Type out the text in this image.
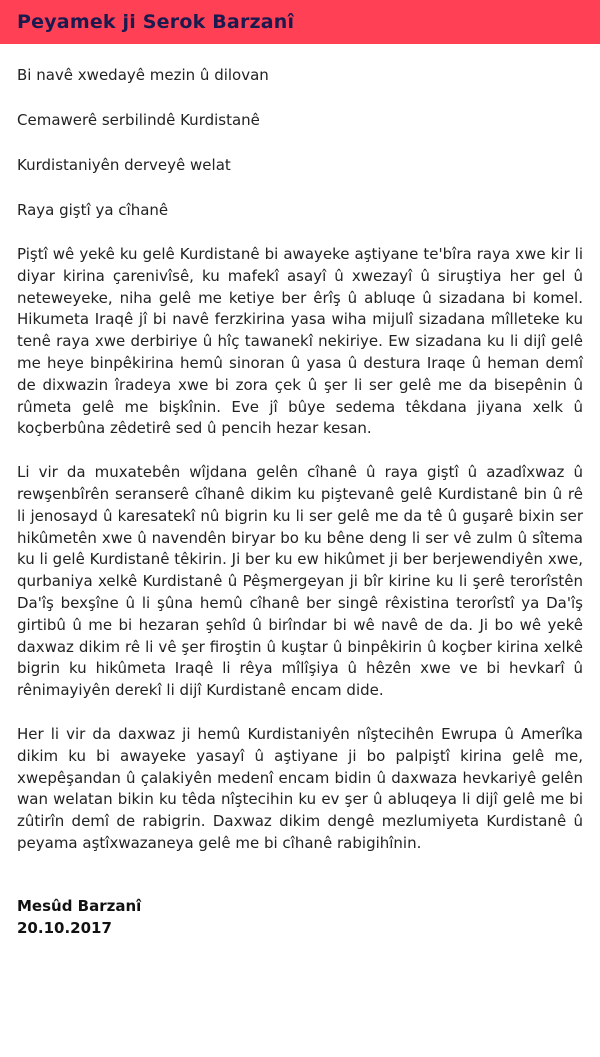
Peyamek ji Serok Barzanî

Bi navê xwedayê mezin û dilovan

Cemawerê serbilindê Kurdistanê

Kurdistaniyên derveyê welat

Raya giştî ya cîhanê

Piştî wê yekê ku gelê Kurdistanê bi awayeke aştiyane te'bîra raya xwe kir li diyar kirina çarenivîsê, ku mafekî asayî û xwezayî û siruştiya her gel û neteweyeke, niha gelê me ketiye ber êrîş û abluqe û sizadana bi komel. Hikumeta Iraqê jî bi navê ferzkirina yasa wiha mijulî sizadana mîlleteke ku tenê raya xwe derbiriye û hîç tawanekî nekiriye. Ew sizadana ku li dijî gelê me heye binpêkirina hemû sinoran û yasa û destura Iraqe û heman demî de dixwazin îradeya xwe bi zora çek û şer li ser gelê me da bisepênin û rûmeta gelê me bişkînin. Eve jî bûye sedema têkdana jiyana xelk û koçberbûna zêdetirê sed û pencih hezar kesan.

Li vir da muxatebên wîjdana gelên cîhanê û raya giştî û azadîxwaz û rewşenbîrên seranserê cîhanê dikim ku piştevanê gelê Kurdistanê bin û rê li jenosayd û karesatekî nû bigrin ku li ser gelê me da tê û guşarê bixin ser hikûmetên xwe û navendên biryar bo ku bêne deng li ser vê zulm û sîtema ku li gelê Kurdistanê têkirin. Ji ber ku ew hikûmet ji ber berjewendiyên xwe, qurbaniya xelkê Kurdistanê û Pêşmergeyan ji bîr kirine ku li şerê terorîstên Da'îş bexşîne û li şûna hemû cîhanê ber singê rêxistina terorîstî ya Da'îş girtibû û me bi hezaran şehîd û birîndar bi wê navê de da. Ji bo wê yekê daxwaz dikim rê li vê şer firoştin û kuştar û binpêkirin û koçber kirina xelkê bigrin ku hikûmeta Iraqê li rêya mîlîşiya û hêzên xwe ve bi hevkarî û rênimayiyên derekî li dijî Kurdistanê encam dide.

Her li vir da daxwaz ji hemû Kurdistaniyên nîştecihên Ewrupa û Amerîka dikim ku bi awayeke yasayî û aştiyane ji bo palpiştî kirina gelê me, xwepêşandan û çalakiyên medenî encam bidin û daxwaza hevkariyê gelên wan welatan bikin ku têda nîştecihin ku ev şer û abluqeya li dijî gelê me bi zûtirîn demî de rabigrin. Daxwaz dikim dengê mezlumiyeta Kurdistanê û peyama aştîxwazaneya gelê me bi cîhanê rabigihînin.

Mesûd Barzanî
20.10.2017
